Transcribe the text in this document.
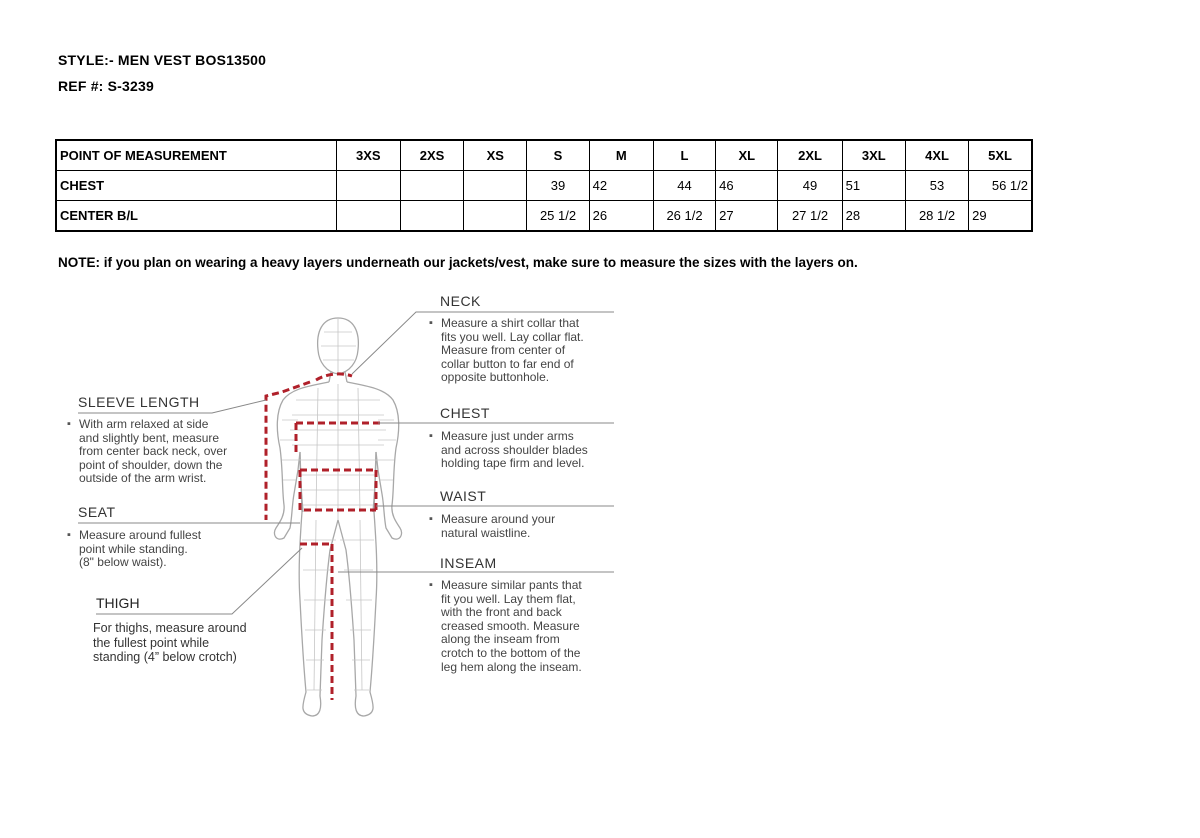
STYLE:- MEN VEST BOS13500
REF #: S-3239
POINT OF MEASUREMENT	3XS	2XS	XS	S	M	L	XL	2XL	3XL	4XL	5XL
CHEST				39	42	44	46	49	51	53	56 1/2
CENTER B/L				25 1/2	26	26 1/2	27	27 1/2	28	28 1/2	29
NOTE: if you plan on wearing a heavy layers underneath our jackets/vest, make sure to measure the sizes with the layers on.
NECK
▪ Measure a shirt collar that
fits you well. Lay collar flat.
Measure from center of
collar button to far end of
opposite buttonhole.
CHEST
▪ Measure just under arms
and across shoulder blades
holding tape firm and level.
WAIST
▪ Measure around your
natural waistline.
INSEAM
▪ Measure similar pants that
fit you well. Lay them flat,
with the front and back
creased smooth. Measure
along the inseam from
crotch to the bottom of the
leg hem along the inseam.
SLEEVE LENGTH
▪ With arm relaxed at side
and slightly bent, measure
from center back neck, over
point of shoulder, down the
outside of the arm wrist.
SEAT
▪ Measure around fullest
point while standing.
(8" below waist).
THIGH
For thighs, measure around
the fullest point while
standing (4” below crotch)
